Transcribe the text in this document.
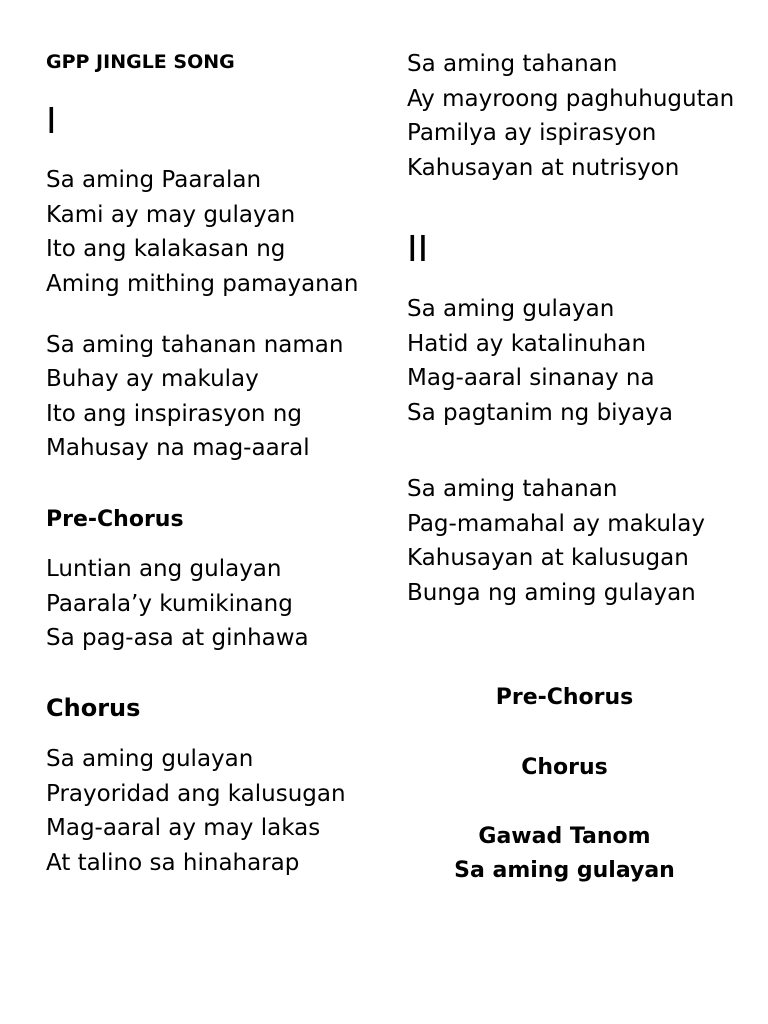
GPP JINGLE SONG
I
Sa aming Paaralan
Kami ay may gulayan
Ito ang kalakasan ng
Aming mithing pamayanan
Sa aming tahanan naman
Buhay ay makulay
Ito ang inspirasyon ng
Mahusay na mag-aaral
Pre-Chorus
Luntian ang gulayan
Paarala’y kumikinang
Sa pag-asa at ginhawa
Chorus
Sa aming gulayan
Prayoridad ang kalusugan
Mag-aaral ay may lakas
At talino sa hinaharap
Sa aming tahanan
Ay mayroong paghuhugutan
Pamilya ay ispirasyon
Kahusayan at nutrisyon
II
Sa aming gulayan
Hatid ay katalinuhan
Mag-aaral sinanay na
Sa pagtanim ng biyaya
Sa aming tahanan
Pag-mamahal ay makulay
Kahusayan at kalusugan
Bunga ng aming gulayan
Pre-Chorus
Chorus
Gawad Tanom
Sa aming gulayan
